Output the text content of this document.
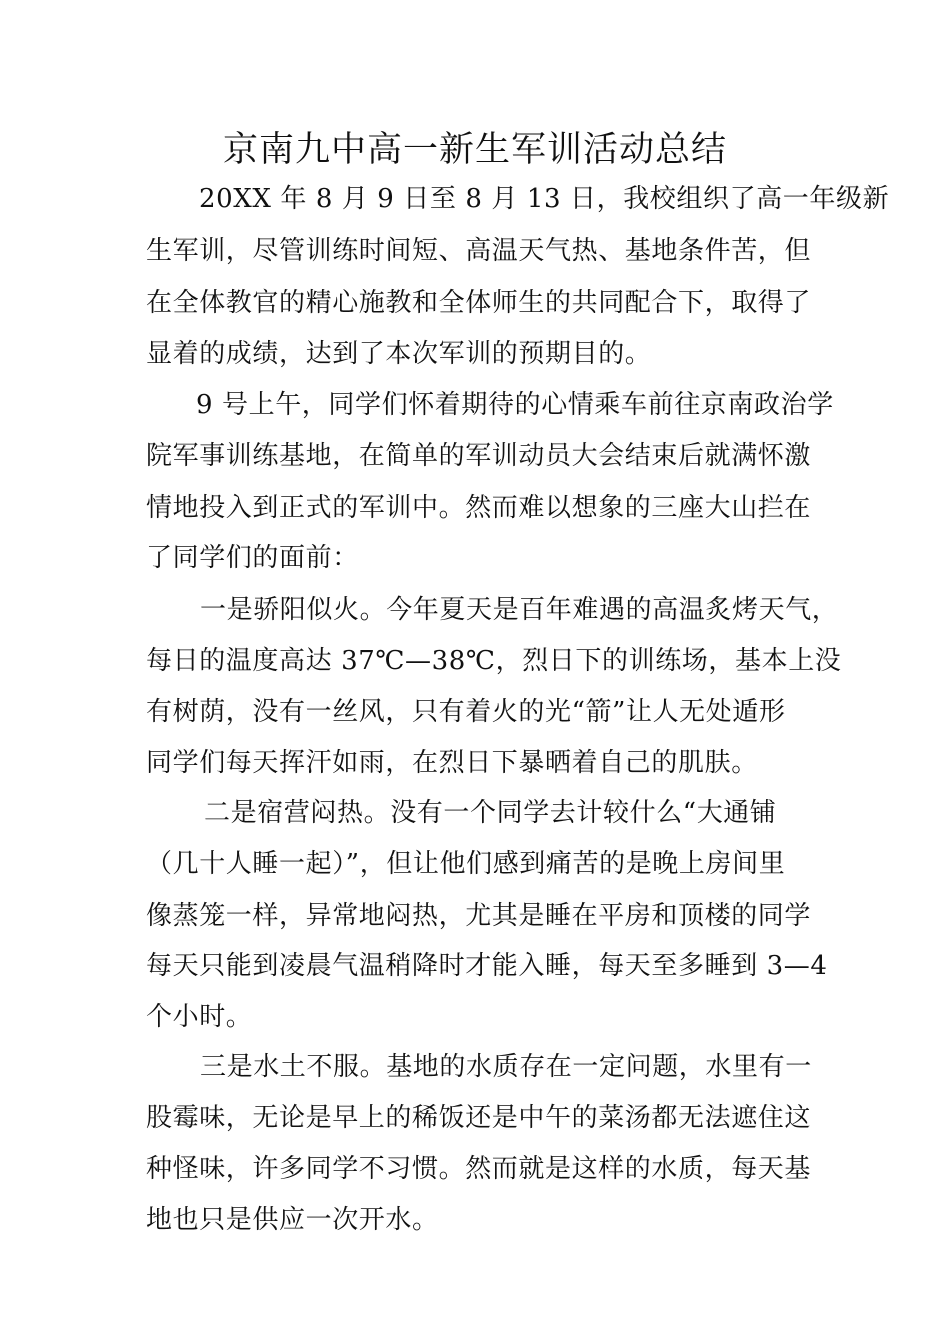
京南九中高一新生军训活动总结
20XX 年 8 月 9 日至 8 月 13 日，我校组织了高一年级新
生军训，尽管训练时间短、高温天气热、基地条件苦，但
在全体教官的精心施教和全体师生的共同配合下，取得了
显着的成绩，达到了本次军训的预期目的。
9 号上午，同学们怀着期待的心情乘车前往京南政治学
院军事训练基地，在简单的军训动员大会结束后就满怀激
情地投入到正式的军训中。然而难以想象的三座大山拦在
了同学们的面前：
一是骄阳似火。今年夏天是百年难遇的高温炙烤天气，
每日的温度高达 37℃—38℃，烈日下的训练场，基本上没
有树荫，没有一丝风，只有着火的光“箭”让人无处遁形
同学们每天挥汗如雨，在烈日下暴晒着自己的肌肤。
二是宿营闷热。没有一个同学去计较什么“大通铺
（几十人睡一起）”，但让他们感到痛苦的是晚上房间里
像蒸笼一样，异常地闷热，尤其是睡在平房和顶楼的同学
每天只能到凌晨气温稍降时才能入睡，每天至多睡到 3—4
个小时。
三是水土不服。基地的水质存在一定问题，水里有一
股霉味，无论是早上的稀饭还是中午的菜汤都无法遮住这
种怪味，许多同学不习惯。然而就是这样的水质，每天基
地也只是供应一次开水。
